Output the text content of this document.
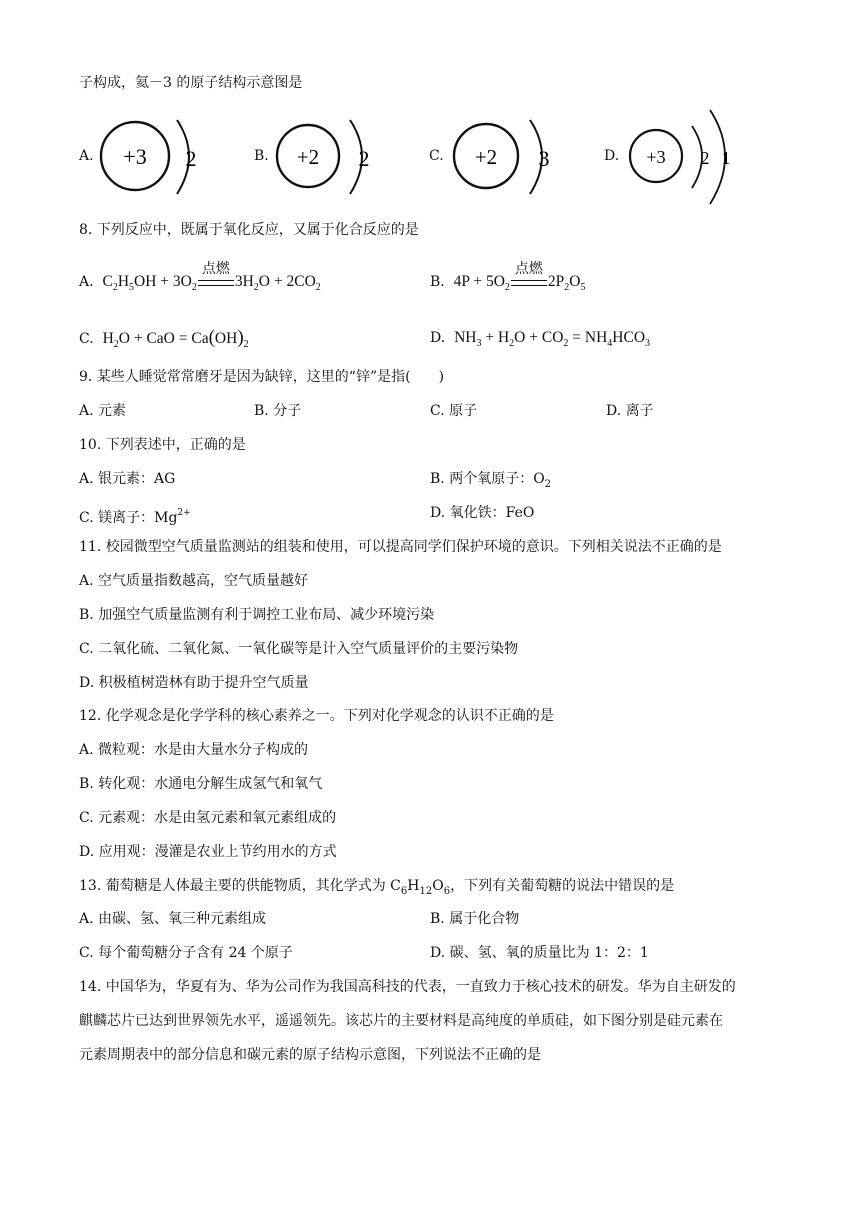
子构成，氦－3 的原子结构示意图是
A. +3 2	B. +2 2	C. +2 3	D. +3 2 1
8. 下列反应中，既属于氧化反应，又属于化合反应的是
A. $C_2H_5OH + 3O_2$
点燃
$3H_2O + 2CO_2$	B. $4P + 5O_2$
点燃
$2P_2O_5$
C. $H_2O$ + CaO = $Ca(OH)_2$	D. $NH_3 + H_2O + CO_2 = NH_4HCO_3$
9. 某些人睡觉常常磨牙是因为缺锌，这里的“锌”是指(　　)
A. 元素	B. 分子	C. 原子	D. 离子
10. 下列表述中，正确的是
A. 银元素：AG	B. 两个氧原子：$O_2$
C. 镁离子：$Mg^{2+}$	D. 氧化铁：FeO
11. 校园微型空气质量监测站的组装和使用，可以提高同学们保护环境的意识。下列相关说法不正确的是
A. 空气质量指数越高，空气质量越好
B. 加强空气质量监测有利于调控工业布局、减少环境污染
C. 二氧化硫、二氧化氮、一氧化碳等是计入空气质量评价的主要污染物
D. 积极植树造林有助于提升空气质量
12. 化学观念是化学学科的核心素养之一。下列对化学观念的认识不正确的是
A. 微粒观：水是由大量水分子构成的
B. 转化观：水通电分解生成氢气和氧气
C. 元素观：水是由氢元素和氧元素组成的
D. 应用观：漫灌是农业上节约用水的方式
13. 葡萄糖是人体最主要的供能物质，其化学式为 $C_6H_{12}O_6$，下列有关葡萄糖的说法中错误的是
A. 由碳、氢、氧三种元素组成	B. 属于化合物
C. 每个葡萄糖分子含有 24 个原子	D. 碳、氢、氧的质量比为 1：2：1
14. 中国华为，华夏有为、华为公司作为我国高科技的代表，一直致力于核心技术的研发。华为自主研发的
麒麟芯片已达到世界领先水平，遥遥领先。该芯片的主要材料是高纯度的单质硅，如下图分别是硅元素在
元素周期表中的部分信息和碳元素的原子结构示意图，下列说法不正确的是
